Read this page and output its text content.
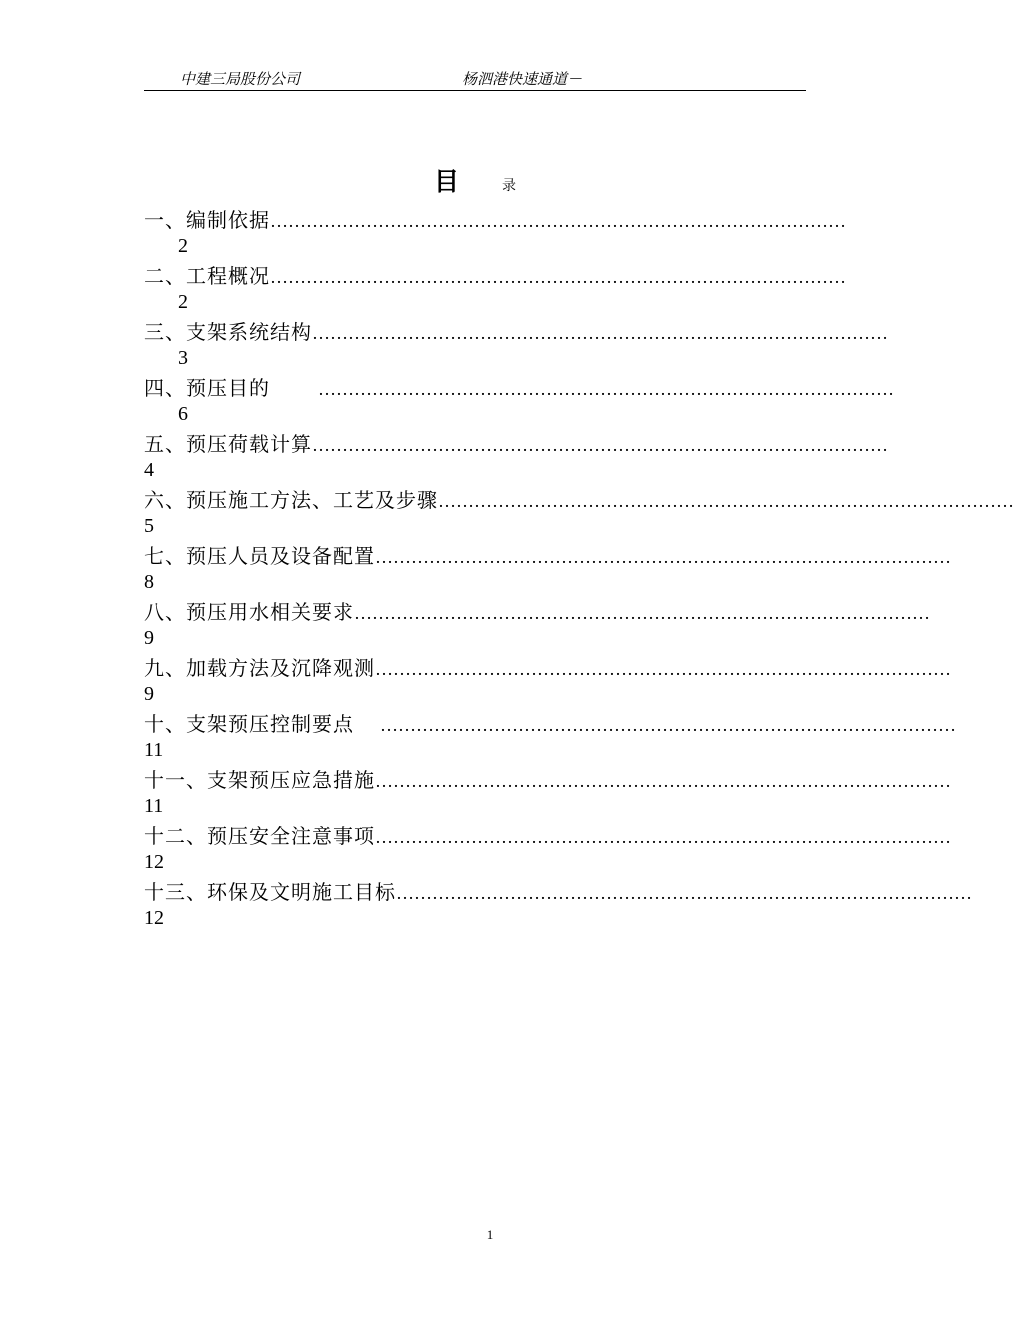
中建三局股份公司	杨泗港快速通道－
目	录
一、编制依据 ……………………………………………………………………………………
2
二、工程概况 ……………………………………………………………………………………
2
三、支架系统结构 ……………………………………………………………………………………
3
四、预压目的	……………………………………………………………………………………
6
五、预压荷载计算 ……………………………………………………………………………………
4
六、预压施工方法、工艺及步骤 ……………………………………………………………………………………
5
七、预压人员及设备配置 ……………………………………………………………………………………
8
八、预压用水相关要求 ……………………………………………………………………………………
9
九、加载方法及沉降观测 ……………………………………………………………………………………
9
十、支架预压控制要点 ……………………………………………………………………………………
11
十一、支架预压应急措施 ……………………………………………………………………………………
11
十二、预压安全注意事项 ……………………………………………………………………………………
12
十三、环保及文明施工目标 ……………………………………………………………………………………
12
1
